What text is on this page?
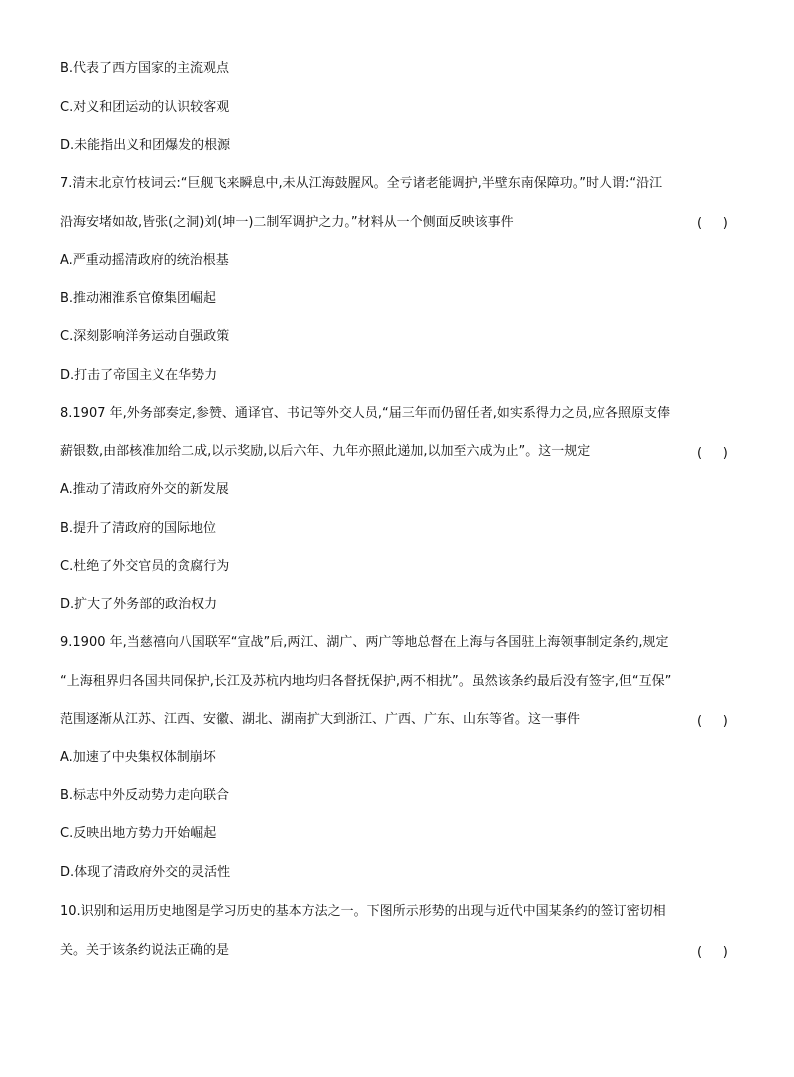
B.代表了西方国家的主流观点
C.对义和团运动的认识较客观
D.未能指出义和团爆发的根源
7.清末北京竹枝词云:“巨舰飞来瞬息中,未从江海鼓腥风。全亏诸老能调护,半壁东南保障功。”时人谓:“沿江
沿海安堵如故,皆张(之洞)刘(坤一)二制军调护之力。”材料从一个侧面反映该事件	(     )
A.严重动摇清政府的统治根基
B.推动湘淮系官僚集团崛起
C.深刻影响洋务运动自强政策
D.打击了帝国主义在华势力
8.1907 年,外务部奏定,参赞、通译官、书记等外交人员,“届三年而仍留任者,如实系得力之员,应各照原支俸
薪银数,由部核准加给二成,以示奖励,以后六年、九年亦照此递加,以加至六成为止”。这一规定	(     )
A.推动了清政府外交的新发展
B.提升了清政府的国际地位
C.杜绝了外交官员的贪腐行为
D.扩大了外务部的政治权力
9.1900 年,当慈禧向八国联军“宣战”后,两江、湖广、两广等地总督在上海与各国驻上海领事制定条约,规定
“上海租界归各国共同保护,长江及苏杭内地均归各督抚保护,两不相扰”。虽然该条约最后没有签字,但“互保”
范围逐渐从江苏、江西、安徽、湖北、湖南扩大到浙江、广西、广东、山东等省。这一事件	(     )
A.加速了中央集权体制崩坏
B.标志中外反动势力走向联合
C.反映出地方势力开始崛起
D.体现了清政府外交的灵活性
10.识别和运用历史地图是学习历史的基本方法之一。下图所示形势的出现与近代中国某条约的签订密切相
关。关于该条约说法正确的是	(     )
